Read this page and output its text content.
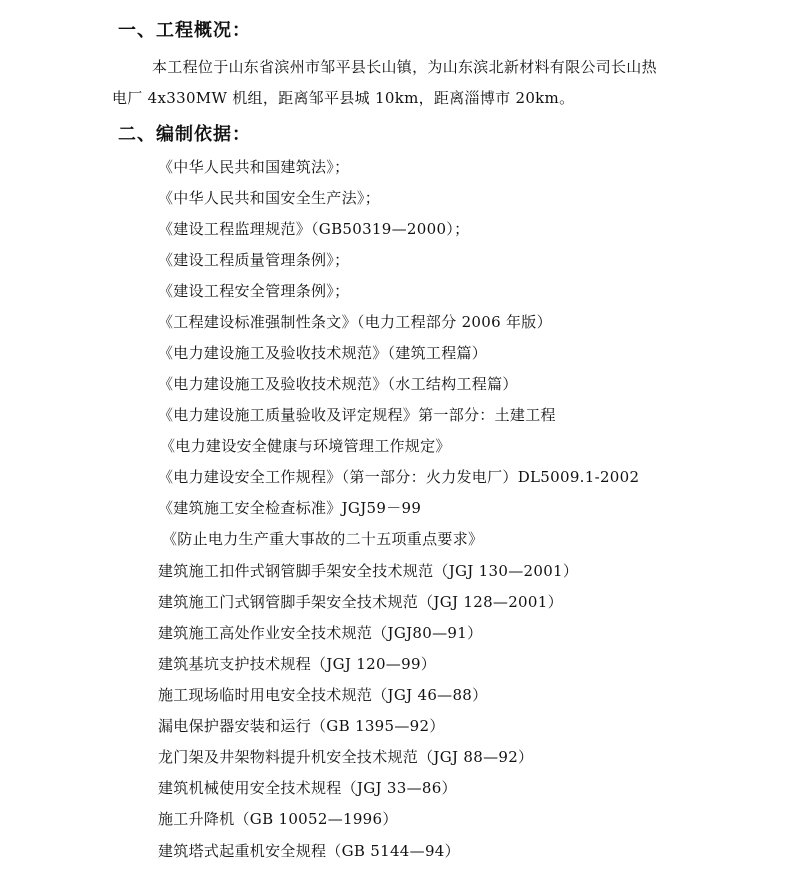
一、工程概况：
本工程位于山东省滨州市邹平县长山镇，为山东滨北新材料有限公司长山热
电厂 4x330MW 机组，距离邹平县城 10km，距离淄博市 20km。
二、编制依据：
《中华人民共和国建筑法》；
《中华人民共和国安全生产法》；
《建设工程监理规范》（GB50319—2000）；
《建设工程质量管理条例》；
《建设工程安全管理条例》；
《工程建设标准强制性条文》（电力工程部分 2006 年版）
《电力建设施工及验收技术规范》（建筑工程篇）
《电力建设施工及验收技术规范》（水工结构工程篇）
《电力建设施工质量验收及评定规程》第一部分：土建工程
《电力建设安全健康与环境管理工作规定》
《电力建设安全工作规程》（第一部分：火力发电厂）DL5009.1-2002
《建筑施工安全检查标准》JGJ59－99
《防止电力生产重大事故的二十五项重点要求》
建筑施工扣件式钢管脚手架安全技术规范（JGJ 130—2001）
建筑施工门式钢管脚手架安全技术规范（JGJ 128—2001）
建筑施工高处作业安全技术规范（JGJ80—91）
建筑基坑支护技术规程（JGJ 120—99）
施工现场临时用电安全技术规范（JGJ 46—88）
漏电保护器安装和运行（GB 1395—92）
龙门架及井架物料提升机安全技术规范（JGJ 88—92）
建筑机械使用安全技术规程（JGJ 33—86）
施工升降机（GB 10052—1996）
建筑塔式起重机安全规程（GB 5144—94）
